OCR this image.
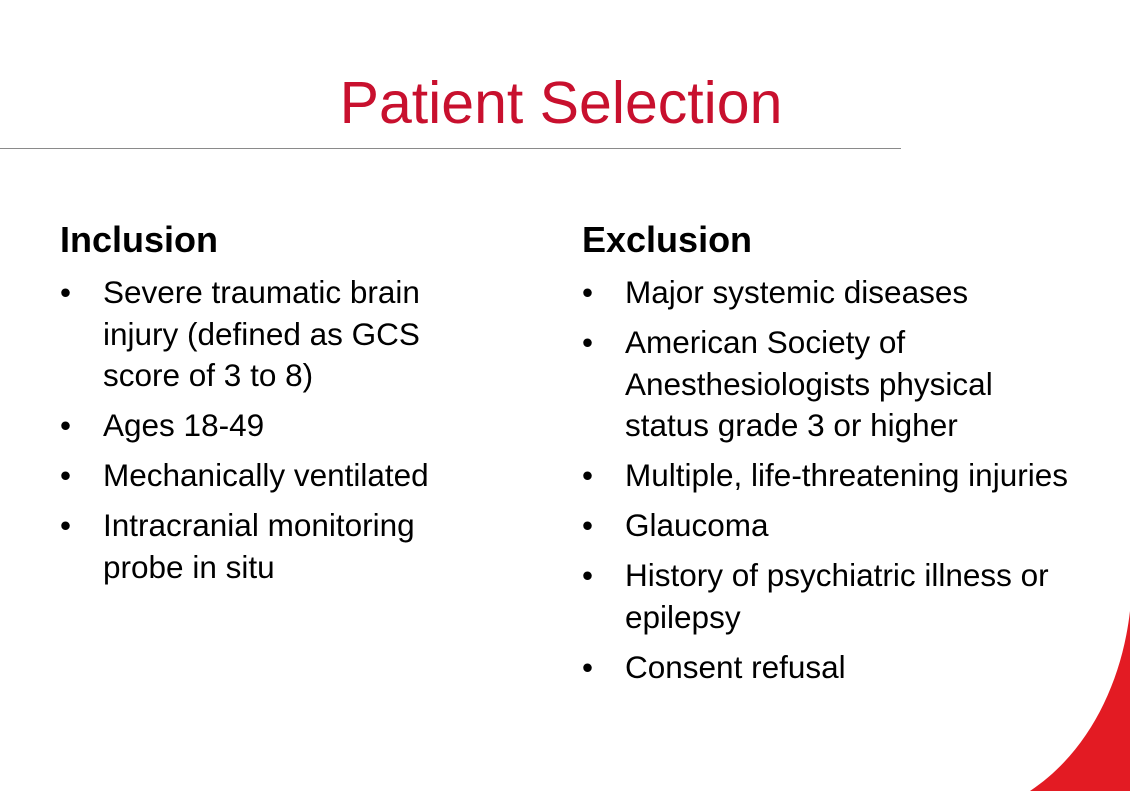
Patient Selection
Inclusion
• Severe traumatic brain injury (defined as GCS score of 3 to 8)
• Ages 18-49
• Mechanically ventilated
• Intracranial monitoring probe in situ
Exclusion
• Major systemic diseases
• American Society of Anesthesiologists physical status grade 3 or higher
• Multiple, life-threatening injuries
• Glaucoma
• History of psychiatric illness or epilepsy
• Consent refusal
